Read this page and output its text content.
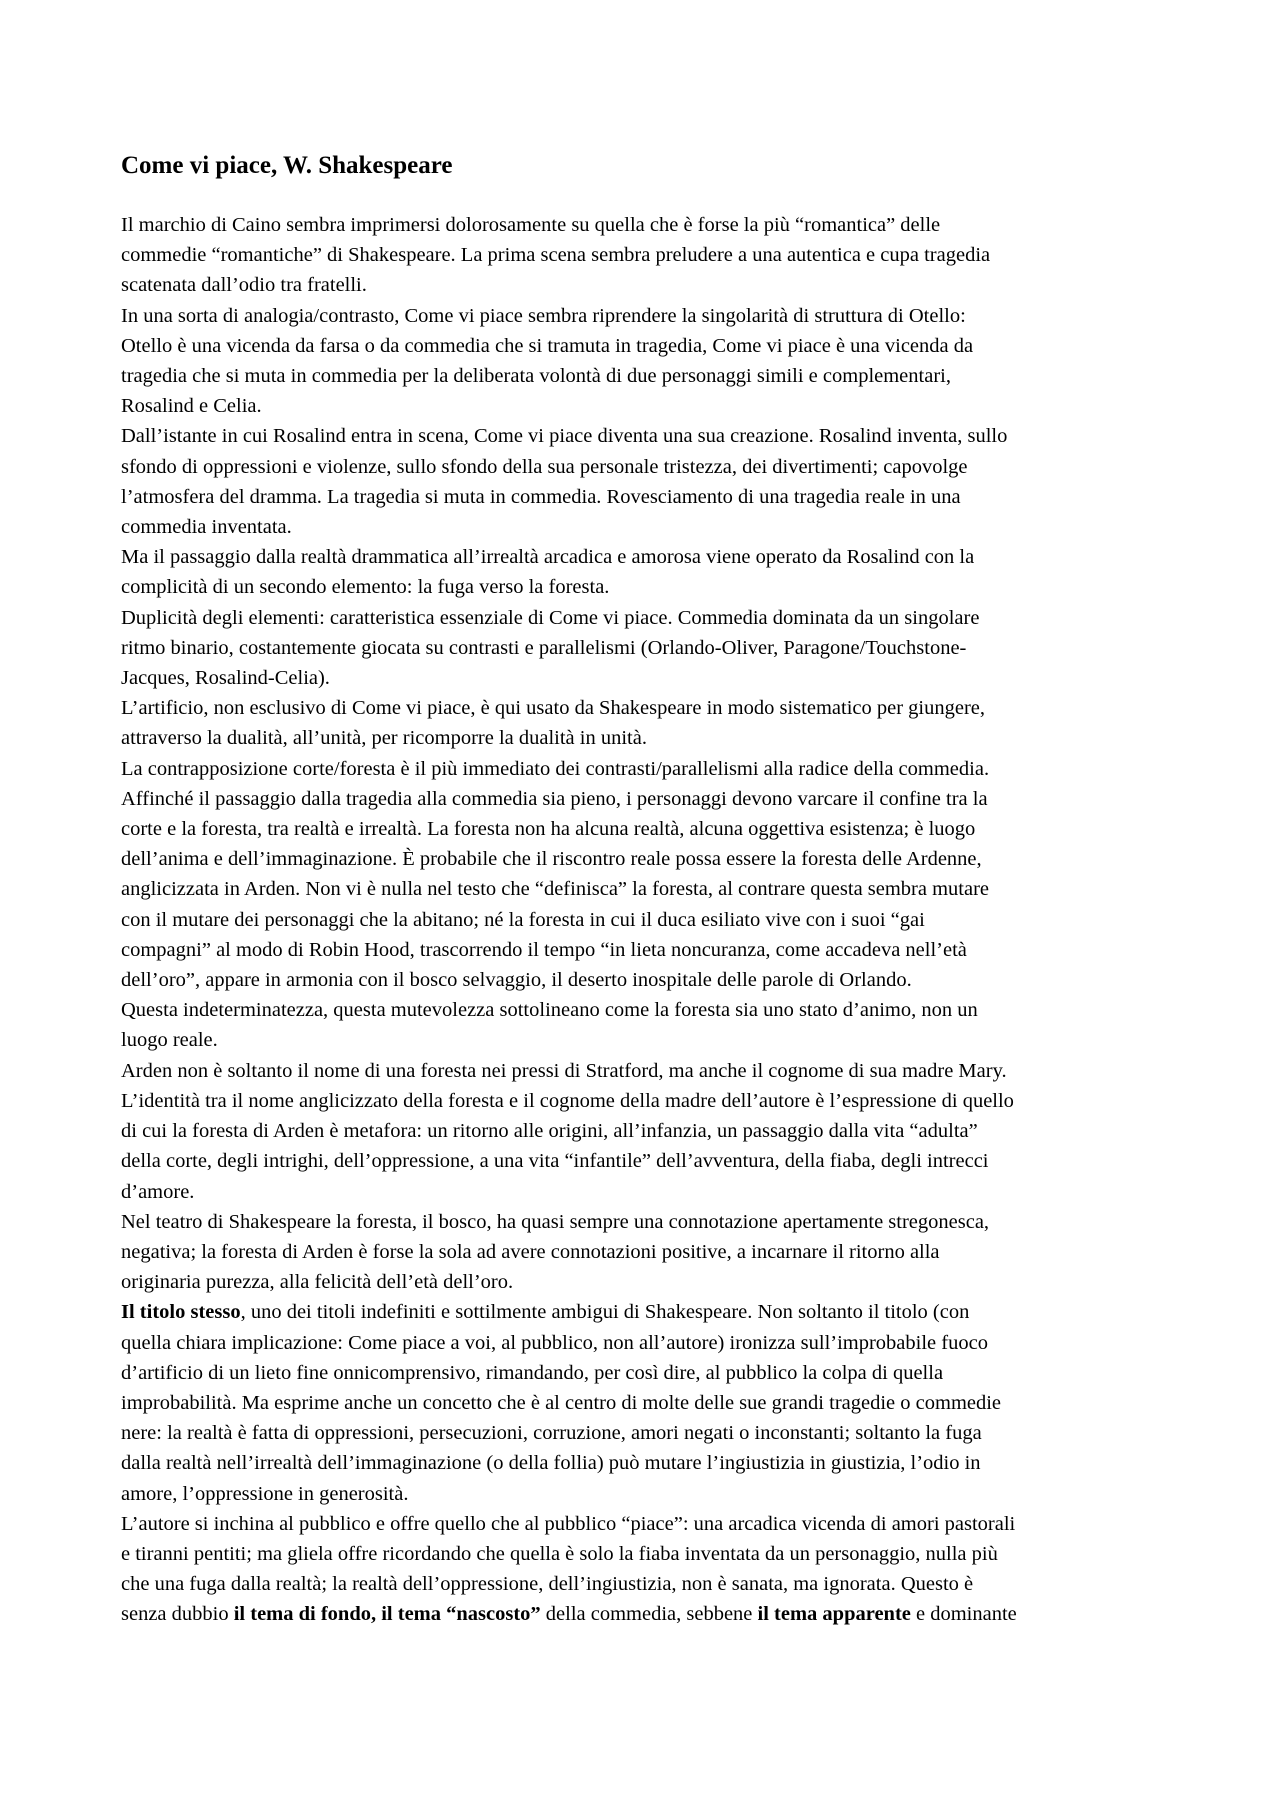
Come vi piace, W. Shakespeare

Il marchio di Caino sembra imprimersi dolorosamente su quella che è forse la più “romantica” delle
commedie “romantiche” di Shakespeare. La prima scena sembra preludere a una autentica e cupa tragedia
scatenata dall’odio tra fratelli.

In una sorta di analogia/contrasto, Come vi piace sembra riprendere la singolarità di struttura di Otello:
Otello è una vicenda da farsa o da commedia che si tramuta in tragedia, Come vi piace è una vicenda da
tragedia che si muta in commedia per la deliberata volontà di due personaggi simili e complementari,
Rosalind e Celia.

Dall’istante in cui Rosalind entra in scena, Come vi piace diventa una sua creazione. Rosalind inventa, sullo
sfondo di oppressioni e violenze, sullo sfondo della sua personale tristezza, dei divertimenti; capovolge
l’atmosfera del dramma. La tragedia si muta in commedia. Rovesciamento di una tragedia reale in una
commedia inventata.

Ma il passaggio dalla realtà drammatica all’irrealtà arcadica e amorosa viene operato da Rosalind con la
complicità di un secondo elemento: la fuga verso la foresta.

Duplicità degli elementi: caratteristica essenziale di Come vi piace. Commedia dominata da un singolare
ritmo binario, costantemente giocata su contrasti e parallelismi (Orlando-Oliver, Paragone/Touchstone-
Jacques, Rosalind-Celia).

L’artificio, non esclusivo di Come vi piace, è qui usato da Shakespeare in modo sistematico per giungere,
attraverso la dualità, all’unità, per ricomporre la dualità in unità.

La contrapposizione corte/foresta è il più immediato dei contrasti/parallelismi alla radice della commedia.
Affinché il passaggio dalla tragedia alla commedia sia pieno, i personaggi devono varcare il confine tra la
corte e la foresta, tra realtà e irrealtà. La foresta non ha alcuna realtà, alcuna oggettiva esistenza; è luogo
dell’anima e dell’immaginazione. È probabile che il riscontro reale possa essere la foresta delle Ardenne,
anglicizzata in Arden. Non vi è nulla nel testo che “definisca” la foresta, al contrare questa sembra mutare
con il mutare dei personaggi che la abitano; né la foresta in cui il duca esiliato vive con i suoi “gai
compagni” al modo di Robin Hood, trascorrendo il tempo “in lieta noncuranza, come accadeva nell’età
dell’oro”, appare in armonia con il bosco selvaggio, il deserto inospitale delle parole di Orlando.

Questa indeterminatezza, questa mutevolezza sottolineano come la foresta sia uno stato d’animo, non un
luogo reale.

Arden non è soltanto il nome di una foresta nei pressi di Stratford, ma anche il cognome di sua madre Mary.
L’identità tra il nome anglicizzato della foresta e il cognome della madre dell’autore è l’espressione di quello
di cui la foresta di Arden è metafora: un ritorno alle origini, all’infanzia, un passaggio dalla vita “adulta”
della corte, degli intrighi, dell’oppressione, a una vita “infantile” dell’avventura, della fiaba, degli intrecci
d’amore.

Nel teatro di Shakespeare la foresta, il bosco, ha quasi sempre una connotazione apertamente stregonesca,
negativa; la foresta di Arden è forse la sola ad avere connotazioni positive, a incarnare il ritorno alla
originaria purezza, alla felicità dell’età dell’oro.

Il titolo stesso, uno dei titoli indefiniti e sottilmente ambigui di Shakespeare. Non soltanto il titolo (con
quella chiara implicazione: Come piace a voi, al pubblico, non all’autore) ironizza sull’improbabile fuoco
d’artificio di un lieto fine onnicomprensivo, rimandando, per così dire, al pubblico la colpa di quella
improbabilità. Ma esprime anche un concetto che è al centro di molte delle sue grandi tragedie o commedie
nere: la realtà è fatta di oppressioni, persecuzioni, corruzione, amori negati o inconstanti; soltanto la fuga
dalla realtà nell’irrealtà dell’immaginazione (o della follia) può mutare l’ingiustizia in giustizia, l’odio in
amore, l’oppressione in generosità.

L’autore si inchina al pubblico e offre quello che al pubblico “piace”: una arcadica vicenda di amori pastorali
e tiranni pentiti; ma gliela offre ricordando che quella è solo la fiaba inventata da un personaggio, nulla più
che una fuga dalla realtà; la realtà dell’oppressione, dell’ingiustizia, non è sanata, ma ignorata. Questo è
senza dubbio il tema di fondo, il tema “nascosto” della commedia, sebbene il tema apparente e dominante
